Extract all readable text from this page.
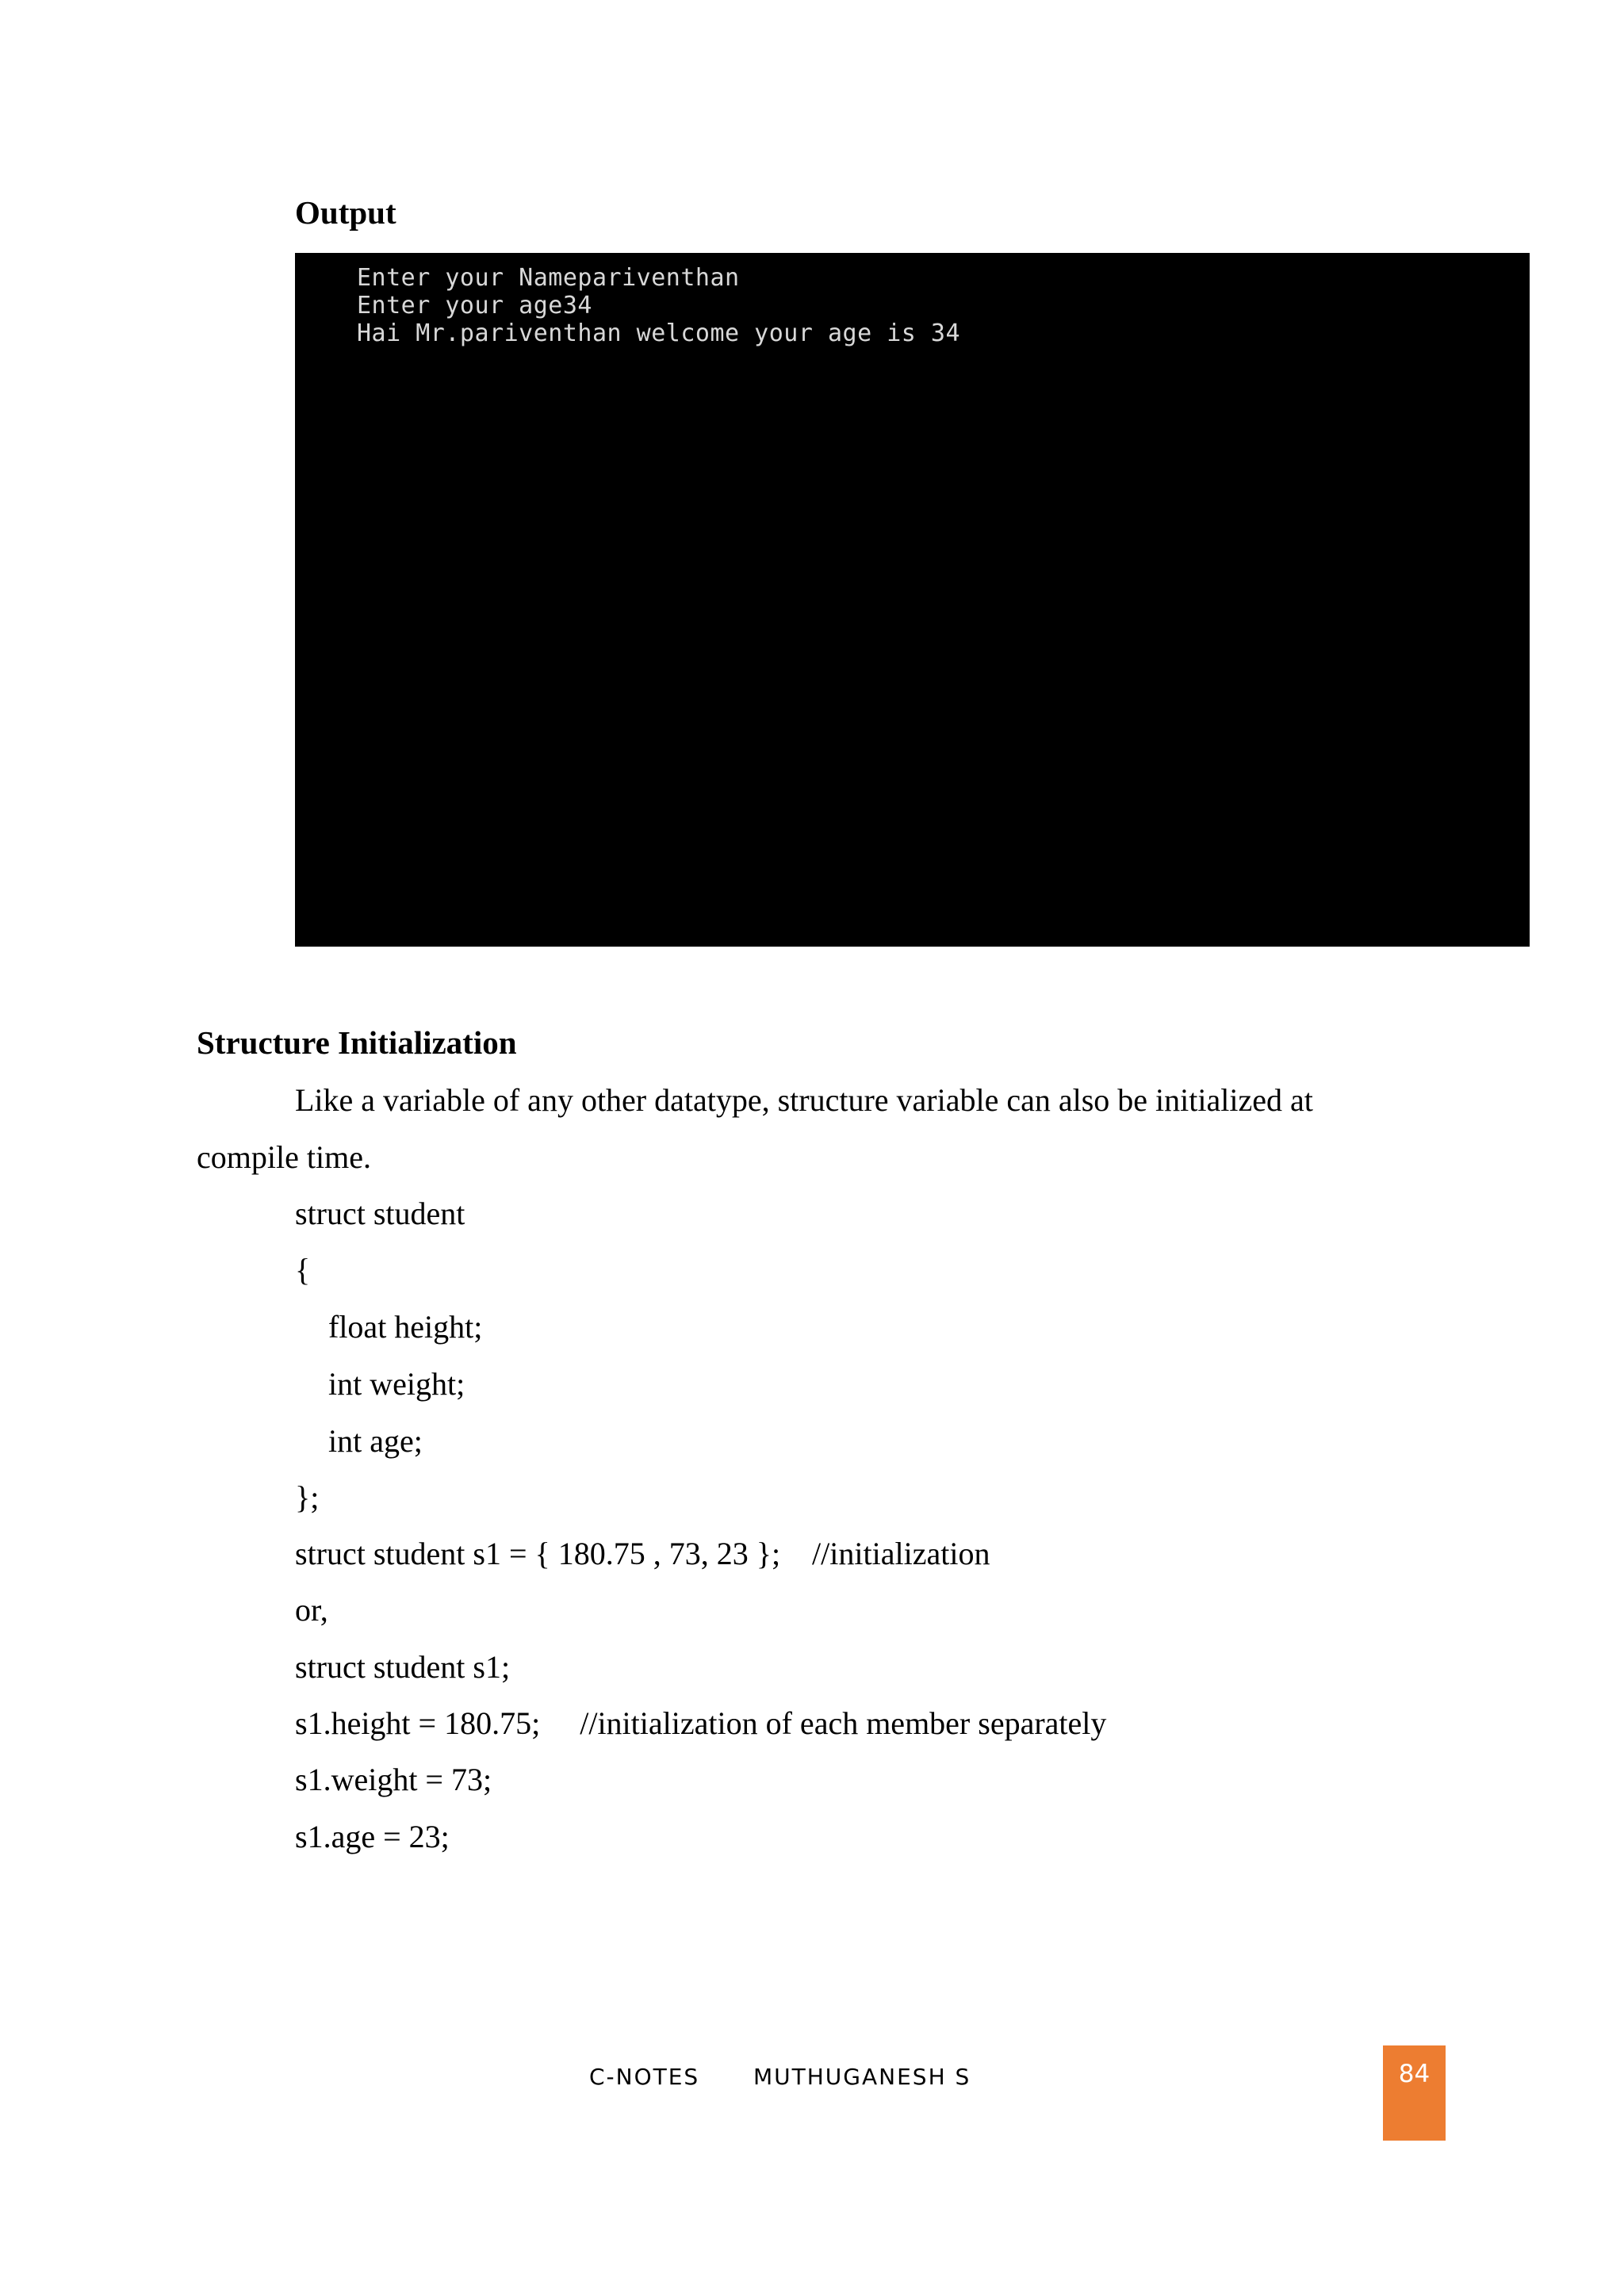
Output
Enter your Namepariventhan
Enter your age34
Hai Mr.pariventhan welcome your age is 34
Structure Initialization
Like a variable of any other datatype, structure variable can also be initialized at
compile time.
struct student
{
float height;
int weight;
int age;
};
struct student s1 = { 180.75 , 73, 23 };    //initialization
or,
struct student s1;
s1.height = 180.75;     //initialization of each member separately
s1.weight = 73;
s1.age = 23;
C-NOTES MUTHUGANESH S	84
